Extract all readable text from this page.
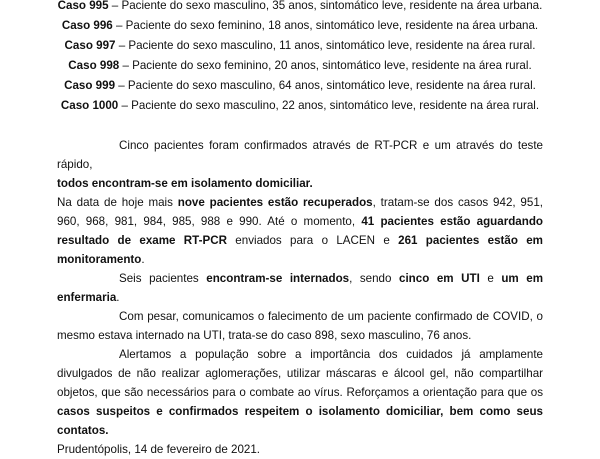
Caso 995 – Paciente do sexo masculino, 35 anos, sintomático leve, residente na área urbana.
Caso 996 – Paciente do sexo feminino, 18 anos, sintomático leve, residente na área urbana.
Caso 997 – Paciente do sexo masculino, 11 anos, sintomático leve, residente na área rural.
Caso 998 – Paciente do sexo feminino, 20 anos, sintomático leve, residente na área rural.
Caso 999 – Paciente do sexo masculino, 64 anos, sintomático leve, residente na área rural.
Caso 1000 – Paciente do sexo masculino, 22 anos, sintomático leve, residente na área rural.

Cinco pacientes foram confirmados através de RT-PCR e um através do teste rápido,
todos encontram-se em isolamento domiciliar.

Na data de hoje mais nove pacientes estão recuperados, tratam-se dos casos 942, 951, 960, 968, 981, 984, 985, 988 e 990. Até o momento, 41 pacientes estão aguardando resultado de exame RT-PCR enviados para o LACEN e 261 pacientes estão em monitoramento.

Seis pacientes encontram-se internados, sendo cinco em UTI e um em enfermaria.

Com pesar, comunicamos o falecimento de um paciente confirmado de COVID, o mesmo estava internado na UTI, trata-se do caso 898, sexo masculino, 76 anos.

Alertamos a população sobre a importância dos cuidados já amplamente divulgados de não realizar aglomerações, utilizar máscaras e álcool gel, não compartilhar objetos, que são necessários para o combate ao vírus. Reforçamos a orientação para que os casos suspeitos e confirmados respeitem o isolamento domiciliar, bem como seus contatos.

Prudentópolis, 14 de fevereiro de 2021.
